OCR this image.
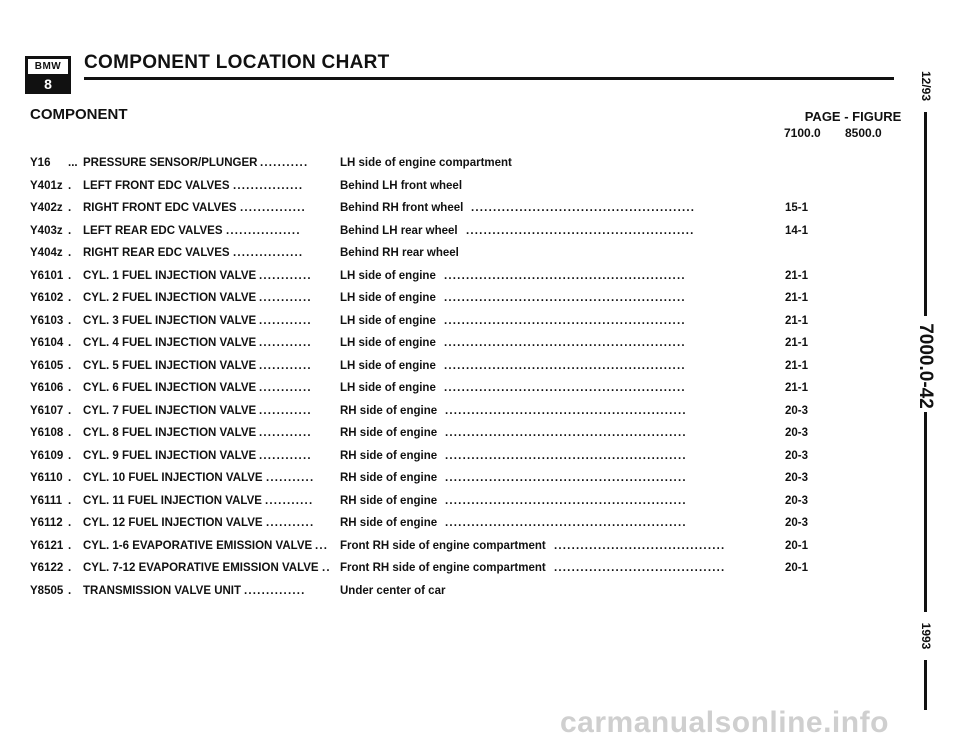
BMW
8
COMPONENT LOCATION CHART
COMPONENT	PAGE - FIGURE
7100.0 8500.0
Y16 ... PRESSURE SENSOR/PLUNGER ...........	LH side of engine compartment
Y401z .	LEFT FRONT EDC VALVES ................	Behind LH front wheel
Y402z .	RIGHT FRONT EDC VALVES ...............	Behind RH front wheel ...................................................	15-1
Y403z .	LEFT REAR EDC VALVES .................	Behind LH rear wheel ....................................................	14-1
Y404z .	RIGHT REAR EDC VALVES ................	Behind RH rear wheel
Y6101 .	CYL. 1 FUEL INJECTION VALVE ............	LH side of engine .......................................................	21-1
Y6102 .	CYL. 2 FUEL INJECTION VALVE ............	LH side of engine .......................................................	21-1
Y6103 .	CYL. 3 FUEL INJECTION VALVE ............	LH side of engine .......................................................	21-1
Y6104 .	CYL. 4 FUEL INJECTION VALVE ............	LH side of engine .......................................................	21-1
Y6105 .	CYL. 5 FUEL INJECTION VALVE ............	LH side of engine .......................................................	21-1
Y6106 .	CYL. 6 FUEL INJECTION VALVE ............	LH side of engine .......................................................	21-1
Y6107 .	CYL. 7 FUEL INJECTION VALVE ............	RH side of engine .......................................................	20-3
Y6108 .	CYL. 8 FUEL INJECTION VALVE ............	RH side of engine .......................................................	20-3
Y6109 .	CYL. 9 FUEL INJECTION VALVE ............	RH side of engine .......................................................	20-3
Y6110 .	CYL. 10 FUEL INJECTION VALVE ...........	RH side of engine .......................................................	20-3
Y6111 .	CYL. 11 FUEL INJECTION VALVE ...........	RH side of engine .......................................................	20-3
Y6112 .	CYL. 12 FUEL INJECTION VALVE ...........	RH side of engine .......................................................	20-3
Y6121 .	CYL. 1-6 EVAPORATIVE EMISSION VALVE ...	Front RH side of engine compartment .......................................	20-1
Y6122 .	CYL. 7-12 EVAPORATIVE EMISSION VALVE .. Front RH side of engine compartment .......................................	20-1
Y8505 .	TRANSMISSION VALVE UNIT ..............	Under center of car
12/93
7000.0-42
1993
carmanualsonline.info
